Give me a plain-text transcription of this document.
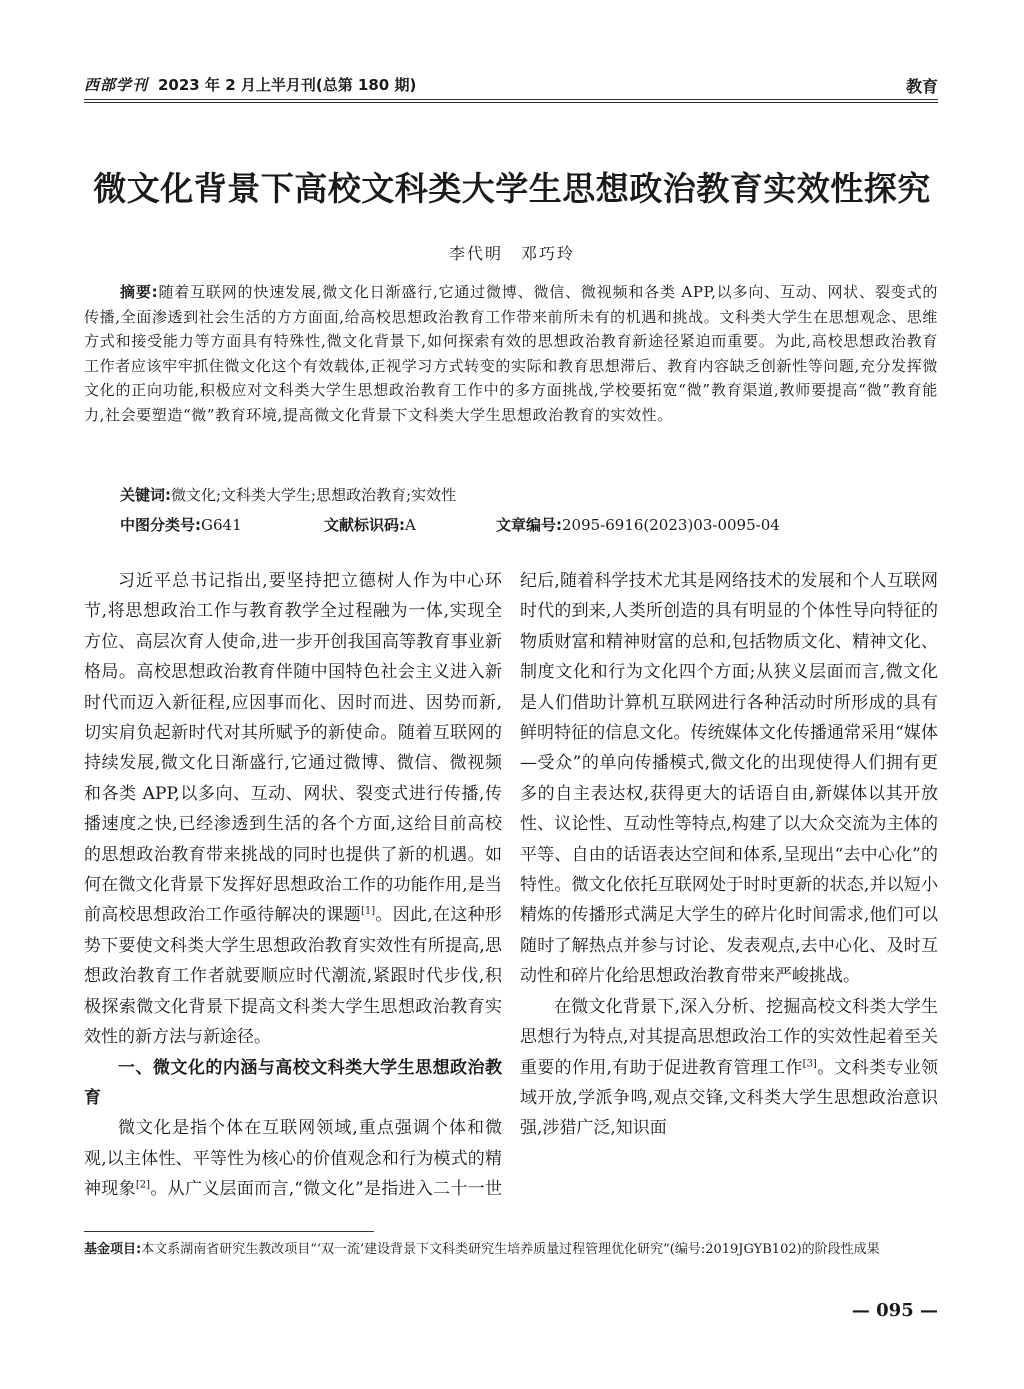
西部学刊 2023 年 2 月上半月刊(总第 180 期)	教育
微文化背景下高校文科类大学生思想政治教育实效性探究
李代明　邓巧玲
摘要:随着互联网的快速发展,微文化日渐盛行,它通过微博、微信、微视频和各类 APP,以多向、互动、网状、裂变式的传播,全面渗透到社会生活的方方面面,给高校思想政治教育工作带来前所未有的机遇和挑战。文科类大学生在思想观念、思维方式和接受能力等方面具有特殊性,微文化背景下,如何探索有效的思想政治教育新途径紧迫而重要。为此,高校思想政治教育工作者应该牢牢抓住微文化这个有效载体,正视学习方式转变的实际和教育思想滞后、教育内容缺乏创新性等问题,充分发挥微文化的正向功能,积极应对文科类大学生思想政治教育工作中的多方面挑战,学校要拓宽“微”教育渠道,教师要提高“微”教育能力,社会要塑造“微”教育环境,提高微文化背景下文科类大学生思想政治教育的实效性。
关键词:微文化;文科类大学生;思想政治教育;实效性
中图分类号:G641	文献标识码:A	文章编号:2095-6916(2023)03-0095-04

习近平总书记指出,要坚持把立德树人作为中心环节,将思想政治工作与教育教学全过程融为一体,实现全方位、高层次育人使命,进一步开创我国高等教育事业新格局。高校思想政治教育伴随中国特色社会主义进入新时代而迈入新征程,应因事而化、因时而进、因势而新,切实肩负起新时代对其所赋予的新使命。随着互联网的持续发展,微文化日渐盛行,它通过微博、微信、微视频和各类 APP,以多向、互动、网状、裂变式进行传播,传播速度之快,已经渗透到生活的各个方面,这给目前高校的思想政治教育带来挑战的同时也提供了新的机遇。如何在微文化背景下发挥好思想政治工作的功能作用,是当前高校思想政治工作亟待解决的课题[1]。因此,在这种形势下要使文科类大学生思想政治教育实效性有所提高,思想政治教育工作者就要顺应时代潮流,紧跟时代步伐,积极探索微文化背景下提高文科类大学生思想政治教育实效性的新方法与新途径。

一、微文化的内涵与高校文科类大学生思想政治教育

微文化是指个体在互联网领域,重点强调个体和微观,以主体性、平等性为核心的价值观念和行为模式的精神现象[2]。从广义层面而言,“微文化”是指进入二十一世纪后,随着科学技术尤其是网络技术的发展和个人互联网时代的到来,人类所创造的具有明显的个体性导向特征的物质财富和精神财富的总和,包括物质文化、精神文化、制度文化和行为文化四个方面;从狭义层面而言,微文化是人们借助计算机互联网进行各种活动时所形成的具有鲜明特征的信息文化。传统媒体文化传播通常采用“媒体—受众”的单向传播模式,微文化的出现使得人们拥有更多的自主表达权,获得更大的话语自由,新媒体以其开放性、议论性、互动性等特点,构建了以大众交流为主体的平等、自由的话语表达空间和体系,呈现出“去中心化”的特性。微文化依托互联网处于时时更新的状态,并以短小精炼的传播形式满足大学生的碎片化时间需求,他们可以随时了解热点并参与讨论、发表观点,去中心化、及时互动性和碎片化给思想政治教育带来严峻挑战。
在微文化背景下,深入分析、挖掘高校文科类大学生思想行为特点,对其提高思想政治工作的实效性起着至关重要的作用,有助于促进教育管理工作[3]。文科类专业领域开放,学派争鸣,观点交锋,文科类大学生思想政治意识强,涉猎广泛,知识面

基金项目:本文系湖南省研究生教改项目“‘双一流’建设背景下文科类研究生培养质量过程管理优化研究”(编号:2019JGYB102)的阶段性成果
— 095 —
